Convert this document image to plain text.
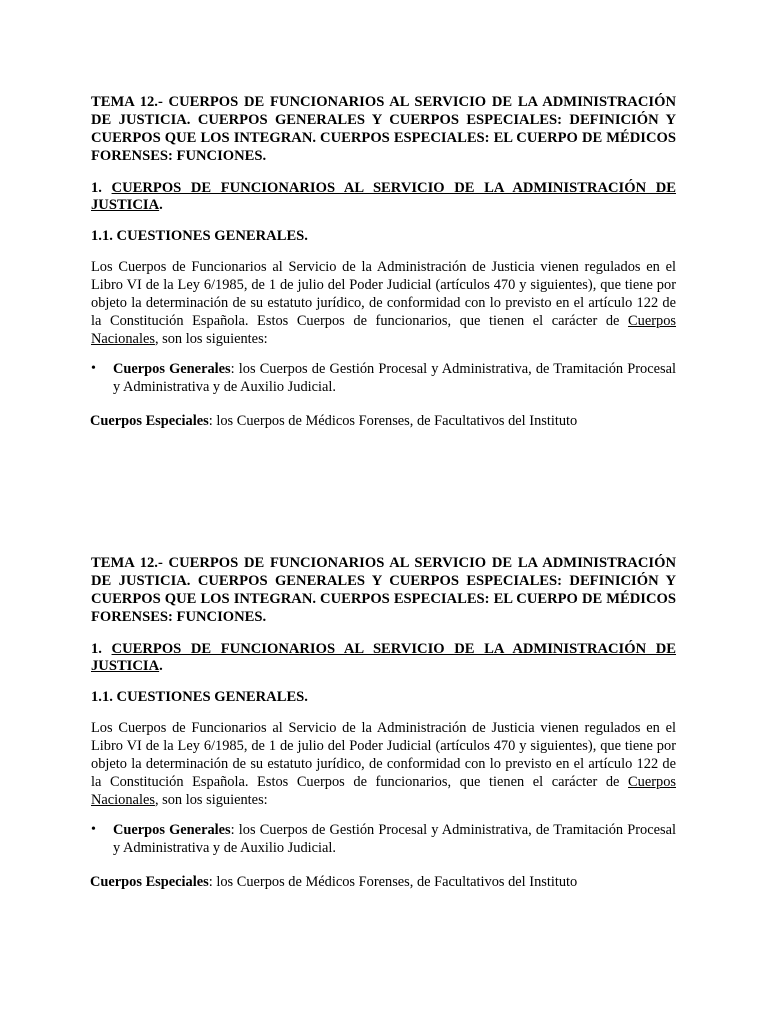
TEMA 12.- CUERPOS DE FUNCIONARIOS AL SERVICIO DE LA ADMINISTRACIÓN DE JUSTICIA. CUERPOS GENERALES Y CUERPOS ESPECIALES: DEFINICIÓN Y CUERPOS QUE LOS INTEGRAN. CUERPOS ESPECIALES: EL CUERPO DE MÉDICOS FORENSES: FUNCIONES.

1. CUERPOS DE FUNCIONARIOS AL SERVICIO DE LA ADMINISTRACIÓN DE JUSTICIA.

1.1. CUESTIONES GENERALES.

Los Cuerpos de Funcionarios al Servicio de la Administración de Justicia vienen regulados en el Libro VI de la Ley 6/1985, de 1 de julio del Poder Judicial (artículos 470 y siguientes), que tiene por objeto la determinación de su estatuto jurídico, de conformidad con lo previsto en el artículo 122 de la Constitución Española. Estos Cuerpos de funcionarios, que tienen el carácter de Cuerpos Nacionales, son los siguientes:

• Cuerpos Generales: los Cuerpos de Gestión Procesal y Administrativa, de Tramitación Procesal y Administrativa y de Auxilio Judicial.

Cuerpos Especiales: los Cuerpos de Médicos Forenses, de Facultativos del Instituto

TEMA 12.- CUERPOS DE FUNCIONARIOS AL SERVICIO DE LA ADMINISTRACIÓN DE JUSTICIA. CUERPOS GENERALES Y CUERPOS ESPECIALES: DEFINICIÓN Y CUERPOS QUE LOS INTEGRAN. CUERPOS ESPECIALES: EL CUERPO DE MÉDICOS FORENSES: FUNCIONES.

1. CUERPOS DE FUNCIONARIOS AL SERVICIO DE LA ADMINISTRACIÓN DE JUSTICIA.

1.1. CUESTIONES GENERALES.

Los Cuerpos de Funcionarios al Servicio de la Administración de Justicia vienen regulados en el Libro VI de la Ley 6/1985, de 1 de julio del Poder Judicial (artículos 470 y siguientes), que tiene por objeto la determinación de su estatuto jurídico, de conformidad con lo previsto en el artículo 122 de la Constitución Española. Estos Cuerpos de funcionarios, que tienen el carácter de Cuerpos Nacionales, son los siguientes:

• Cuerpos Generales: los Cuerpos de Gestión Procesal y Administrativa, de Tramitación Procesal y Administrativa y de Auxilio Judicial.

Cuerpos Especiales: los Cuerpos de Médicos Forenses, de Facultativos del Instituto
